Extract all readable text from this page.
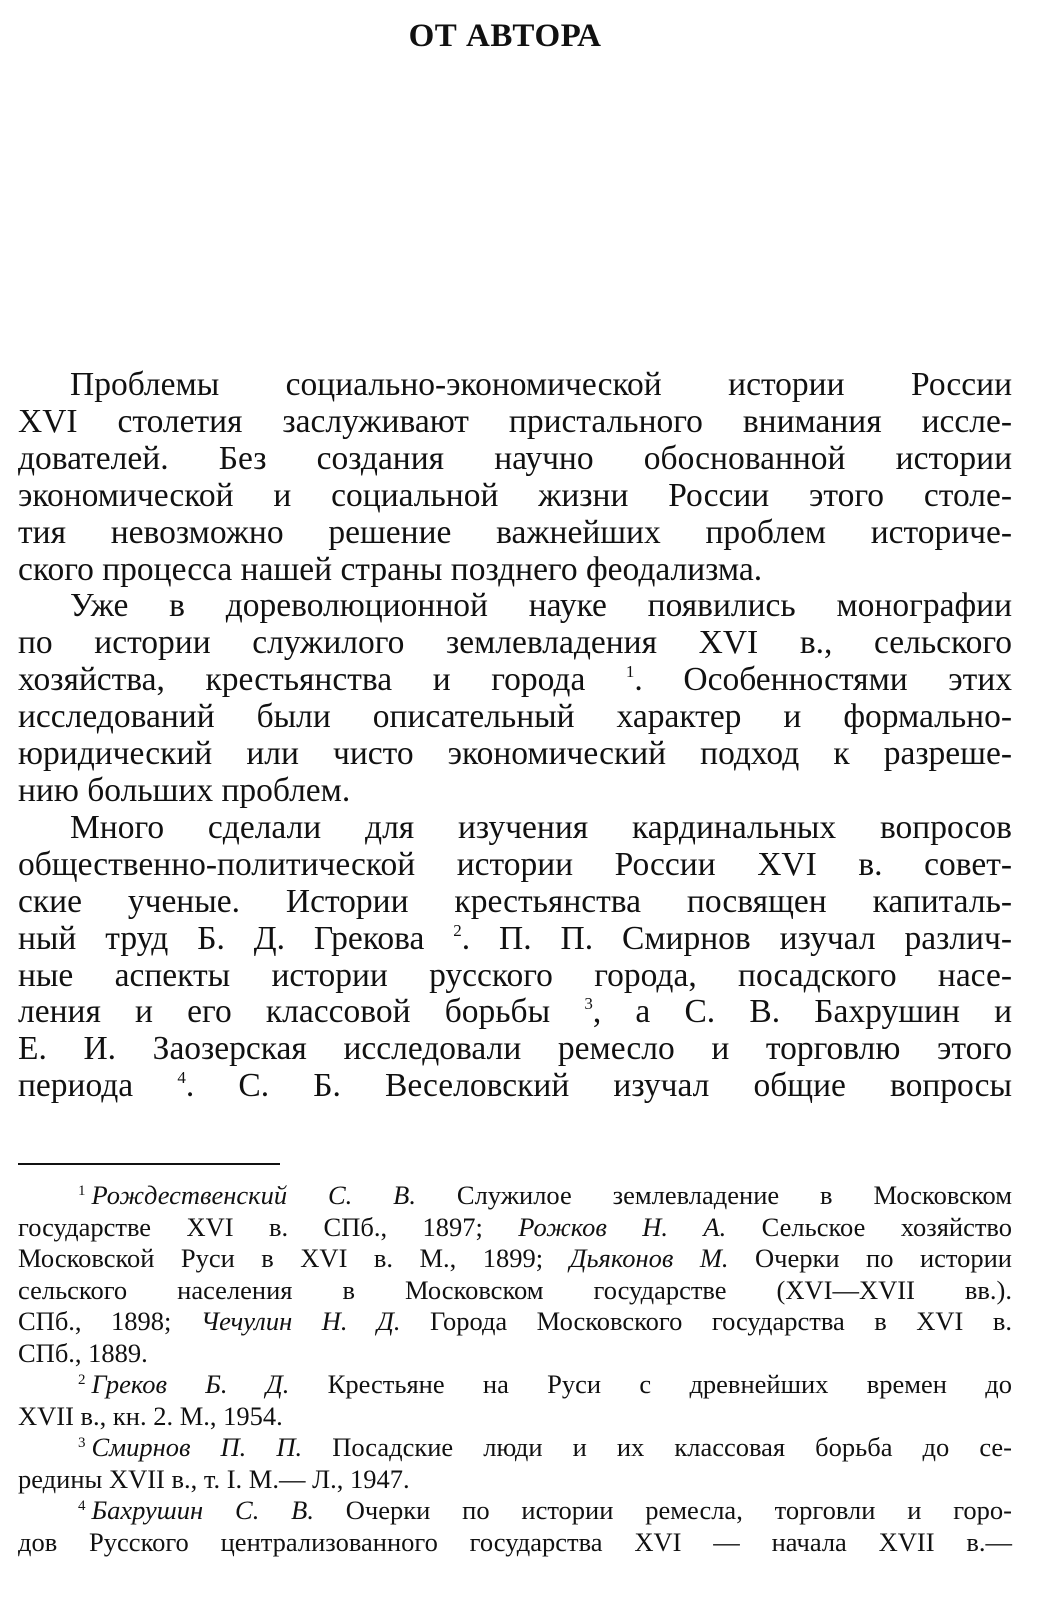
ОТ АВТОРА

Проблемы социально-экономической истории России
XVI столетия заслуживают пристального внимания иссле-
дователей. Без создания научно обоснованной истории
экономической и социальной жизни России этого столе-
тия невозможно решение важнейших проблем историче-
ского процесса нашей страны позднего феодализма.

Уже в дореволюционной науке появились монографии
по истории служилого землевладения XVI в., сельского
хозяйства, крестьянства и города $^1$. Особенностями этих
исследований были описательный характер и формально-
юридический или чисто экономический подход к разреше-
нию больших проблем.

Много сделали для изучения кардинальных вопросов
общественно-политической истории России XVI в. совет-
ские ученые. Истории крестьянства посвящен капиталь-
ный труд Б. Д. Грекова $^2$. П. П. Смирнов изучал различ-
ные аспекты истории русского города, посадского насе-
ления и его классовой борьбы $^3$, а С. В. Бахрушин и
Е. И. Заозерская исследовали ремесло и торговлю этого
периода	$^4$. С. Б. Веселовский изучал общие вопросы

$^1$ Рождественский С. В. Служилое землевладение в Московском
государстве XVI в. СПб., 1897; Рожков Н. А. Сельское хозяйство
Московской Руси в XVI в. М., 1899; Дьяконов М. Очерки по истории
сельского населения в Московском государстве (XVI—XVII вв.).
СПб., 1898; Чечулин Н. Д. Города Московского государства в XVI в.
СПб., 1889.

$^2$ Греков Б. Д. Крестьяне на Руси с древнейших времен до
XVII в., кн. 2. М., 1954.

$^3$ Смирнов П. П. Посадские люди и их классовая борьба до се-
редины XVII в., т. I. М.— Л., 1947.

$^4$ Бахрушин С. В. Очерки по истории ремесла, торговли и горо-
дов Русского централизованного государства XVI — начала XVII в.—
